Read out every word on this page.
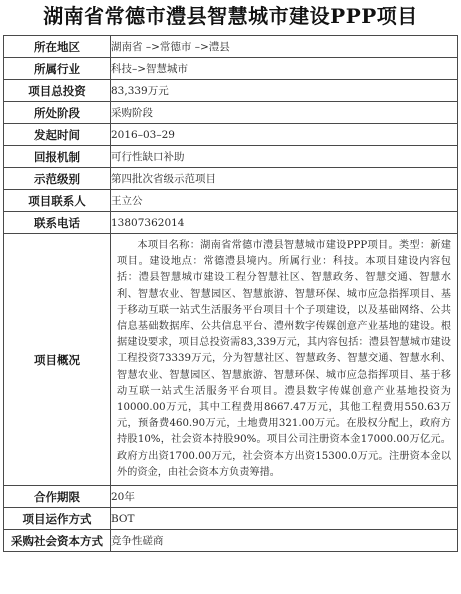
湖南省常德市澧县智慧城市建设PPP项目
所在地区	湖南省 –>常德市 –>澧县
所属行业	科技–>智慧城市
项目总投资	83,339万元
所处阶段	采购阶段
发起时间	2016–03–29
回报机制	可行性缺口补助
示范级别	第四批次省级示范项目
项目联系人	王立公
联系电话	13807362014
项目概况	本项目名称：湖南省常德市澧县智慧城市建设PPP项目。类型：新建项目。建设地点：常德澧县境内。所属行业：科技。本项目建设内容包括：澧县智慧城市建设工程分智慧社区、智慧政务、智慧交通、智慧水利、智慧农业、智慧园区、智慧旅游、智慧环保、城市应急指挥项目、基于移动互联一站式生活服务平台项目十个子项建设，以及基础网络、公共信息基础数据库、公共信息平台、澧州数字传媒创意产业基地的建设。根据建设要求，项目总投资需83,339万元，其内容包括：澧县智慧城市建设工程投资73339万元，分为智慧社区、智慧政务、智慧交通、智慧水利、智慧农业、智慧园区、智慧旅游、智慧环保、城市应急指挥项目、基于移动互联一站式生活服务平台项目。澧县数字传媒创意产业基地投资为10000.00万元，其中工程费用8667.47万元，其他工程费用550.63万元，预备费460.90万元，土地费用321.00万元。在股权分配上，政府方持股10%，社会资本持股90%。项目公司注册资本金17000.00万亿元。政府方出资1700.00万元，社会资本方出资15300.0万元。注册资本金以外的资金，由社会资本方负责筹措。

合作期限	20年
项目运作方式	BOT
采购社会资本方式	竞争性磋商
